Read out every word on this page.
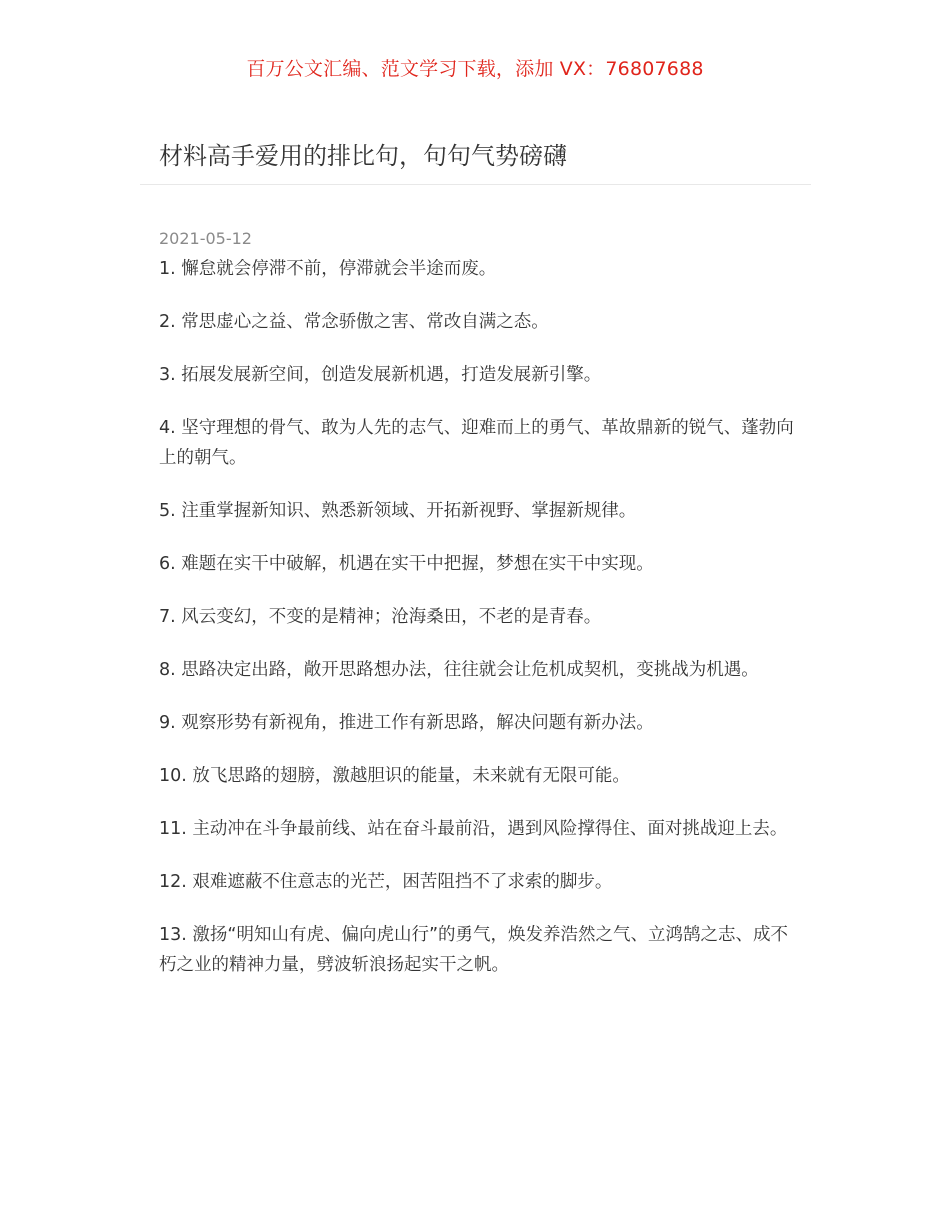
百万公文汇编、范文学习下载，添加 VX：76807688
材料高手爱用的排比句，句句气势磅礴
2021-05-12
1. 懈怠就会停滞不前，停滞就会半途而废。
2. 常思虚心之益、常念骄傲之害、常改自满之态。
3. 拓展发展新空间，创造发展新机遇，打造发展新引擎。
4. 坚守理想的骨气、敢为人先的志气、迎难而上的勇气、革故鼎新的锐气、蓬勃向上的朝气。
5. 注重掌握新知识、熟悉新领域、开拓新视野、掌握新规律。
6. 难题在实干中破解，机遇在实干中把握，梦想在实干中实现。
7. 风云变幻，不变的是精神；沧海桑田，不老的是青春。
8. 思路决定出路，敞开思路想办法，往往就会让危机成契机，变挑战为机遇。
9. 观察形势有新视角，推进工作有新思路，解决问题有新办法。
10. 放飞思路的翅膀，激越胆识的能量，未来就有无限可能。
11. 主动冲在斗争最前线、站在奋斗最前沿，遇到风险撑得住、面对挑战迎上去。
12. 艰难遮蔽不住意志的光芒，困苦阻挡不了求索的脚步。
13. 激扬“明知山有虎、偏向虎山行”的勇气，焕发养浩然之气、立鸿鹄之志、成不朽之业的精神力量，劈波斩浪扬起实干之帆。
